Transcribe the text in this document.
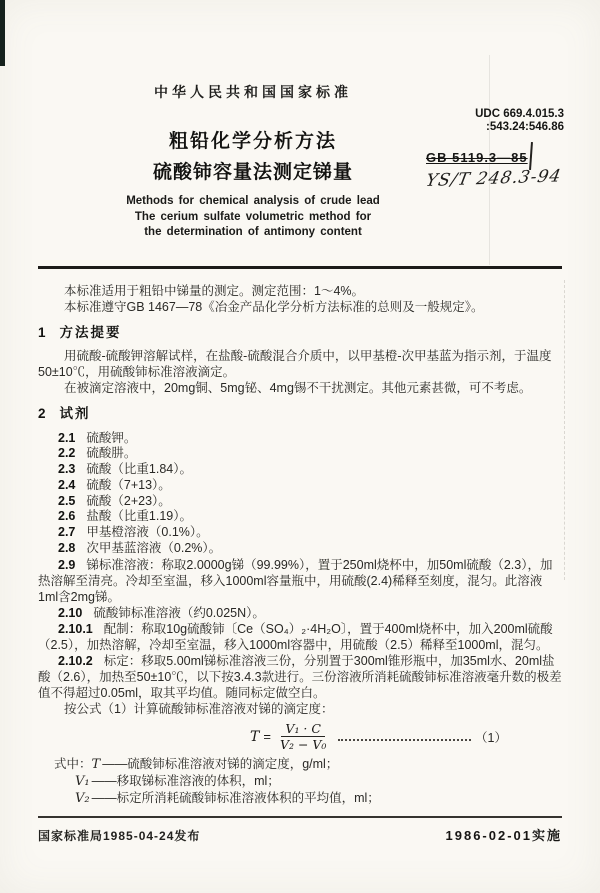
中华人民共和国国家标准
粗铅化学分析方法
硫酸铈容量法测定锑量
Methods for chemical analysis of crude lead
The cerium sulfate volumetric method for
the determination of antimony content
UDC 669.4.015.3
:543.24:546.86
GB 5119.3—85
YS/T 248.3-94

本标准适用于粗铅中锑量的测定。测定范围：1～4%。

本标准遵守GB 1467—78《冶金产品化学分析方法标准的总则及一般规定》。

1 方法提要

用硫酸-硫酸钾溶解试样，在盐酸-硫酸混合介质中，以甲基橙-次甲基蓝为指示剂，于温度50±10℃，用硫酸铈标准溶液滴定。

在被滴定溶液中，20mg铜、5mg铋、4mg锡不干扰测定。其他元素甚微，可不考虑。

2 试剂
2.1 硫酸钾。
2.2 硫酸肼。
2.3 硫酸（比重1.84）。
2.4 硫酸（7+13）。
2.5 硫酸（2+23）。
2.6 盐酸（比重1.19）。
2.7 甲基橙溶液（0.1%）。
2.8 次甲基蓝溶液（0.2%）。

2.9 锑标准溶液：称取2.0000g锑（99.99%），置于250ml烧杯中，加50ml硫酸（2.3），加热溶解至清亮。冷却至室温，移入1000ml容量瓶中，用硫酸(2.4)稀释至刻度，混匀。此溶液1ml含2mg锑。

2.10 硫酸铈标准溶液（约0.025N）。

2.10.1 配制：称取10g硫酸铈〔Ce（SO₄）₂·4H₂O〕，置于400ml烧杯中，加入200ml硫酸（2.5），加热溶解，冷却至室温，移入1000ml容器中，用硫酸（2.5）稀释至1000ml，混匀。

2.10.2 标定：移取5.00ml锑标准溶液三份，分别置于300ml锥形瓶中，加35ml水、20ml盐酸（2.6），加热至50±10℃，以下按3.4.3款进行。三份溶液所消耗硫酸铈标准溶液毫升数的极差值不得超过0.05ml，取其平均值。随同标定做空白。

按公式（1）计算硫酸铈标准溶液对锑的滴定度：

$T = \frac{\text{V₁ · C}}{\text{V₂ − V₀}}$	（1）

式中：T ——硫酸铈标准溶液对锑的滴定度，g/ml；

V₁ ——移取锑标准溶液的体积，ml；

V₂ ——标定所消耗硫酸铈标准溶液体积的平均值，ml；

国家标准局1985-04-24发布	1986-02-01实施
